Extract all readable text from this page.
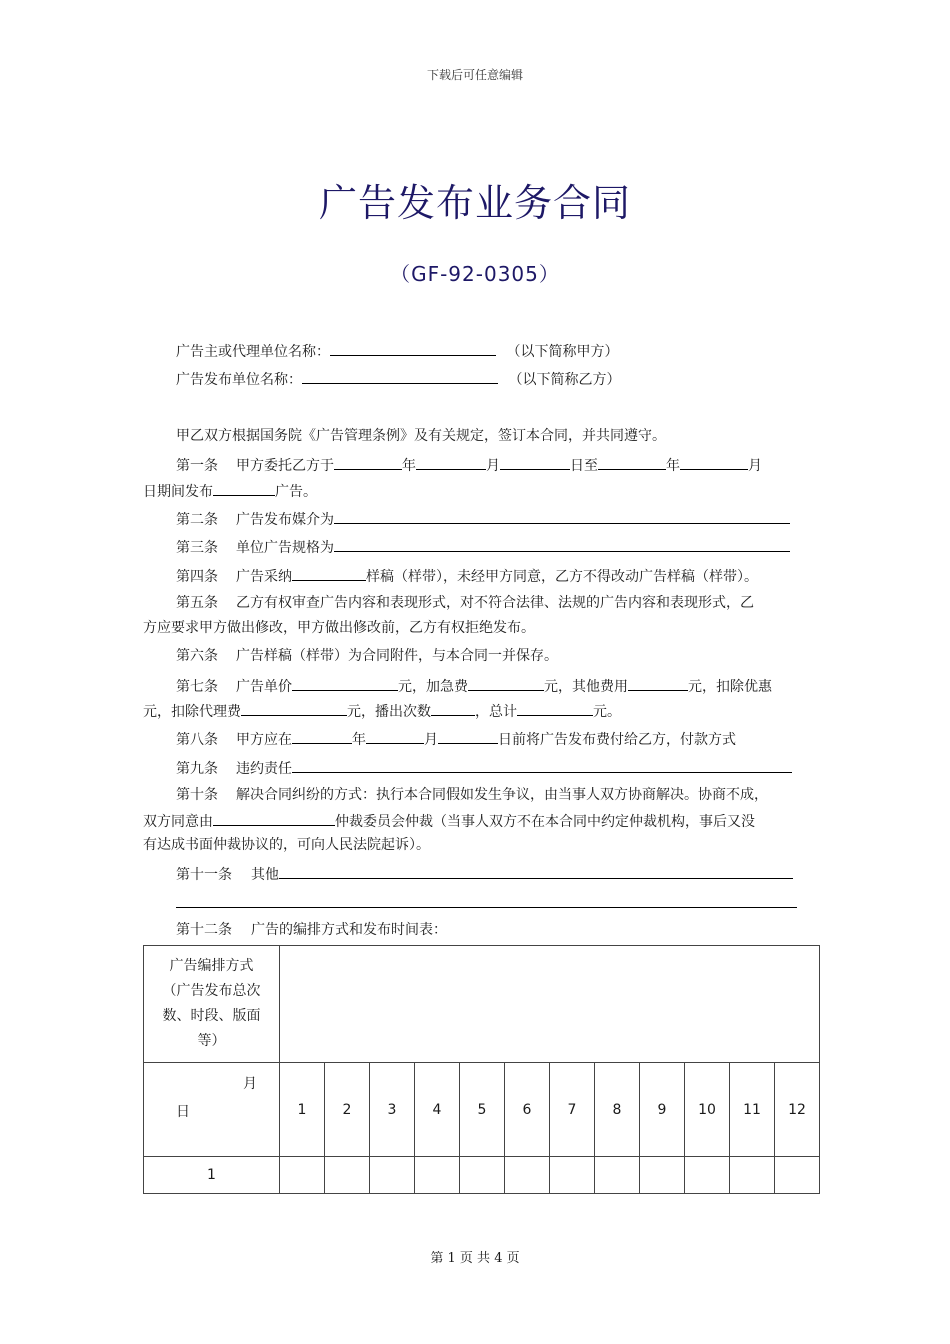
下载后可任意编辑
广告发布业务合同
（GF-92-0305）
广告主或代理单位名称：	（以下简称甲方）
广告发布单位名称：	（以下简称乙方）
甲乙双方根据国务院《广告管理条例》及有关规定，签订本合同，并共同遵守。
第一条 甲方委托乙方于	年	月	日至	年	月
日期间发布	广告。
第二条 广告发布媒介为
第三条 单位广告规格为
第四条 广告采纳	样稿（样带），未经甲方同意，乙方不得改动广告样稿（样带）。
第五条 乙方有权审查广告内容和表现形式，对不符合法律、法规的广告内容和表现形式，乙
方应要求甲方做出修改，甲方做出修改前，乙方有权拒绝发布。
第六条 广告样稿（样带）为合同附件，与本合同一并保存。
第七条 广告单价	元，加急费	元，其他费用	元，扣除优惠
元，扣除代理费	元，播出次数	，总计	元。
第八条 甲方应在	年	月	日前将广告发布费付给乙方，付款方式
第九条 违约责任
第十条 解决合同纠纷的方式：执行本合同假如发生争议，由当事人双方协商解决。协商不成，
双方同意由	仲裁委员会仲裁（当事人双方不在本合同中约定仲裁机构，事后又没
有达成书面仲裁协议的，可向人民法院起诉）。
第十一条 其他
第十二条 广告的编排方式和发布时间表：
广告编排方式
（广告发布总次
数、时段、版面
等）												

月
日	1	2	3	4	5	6	7	8	9	10	11	12
1												
第 1 页 共 4 页
